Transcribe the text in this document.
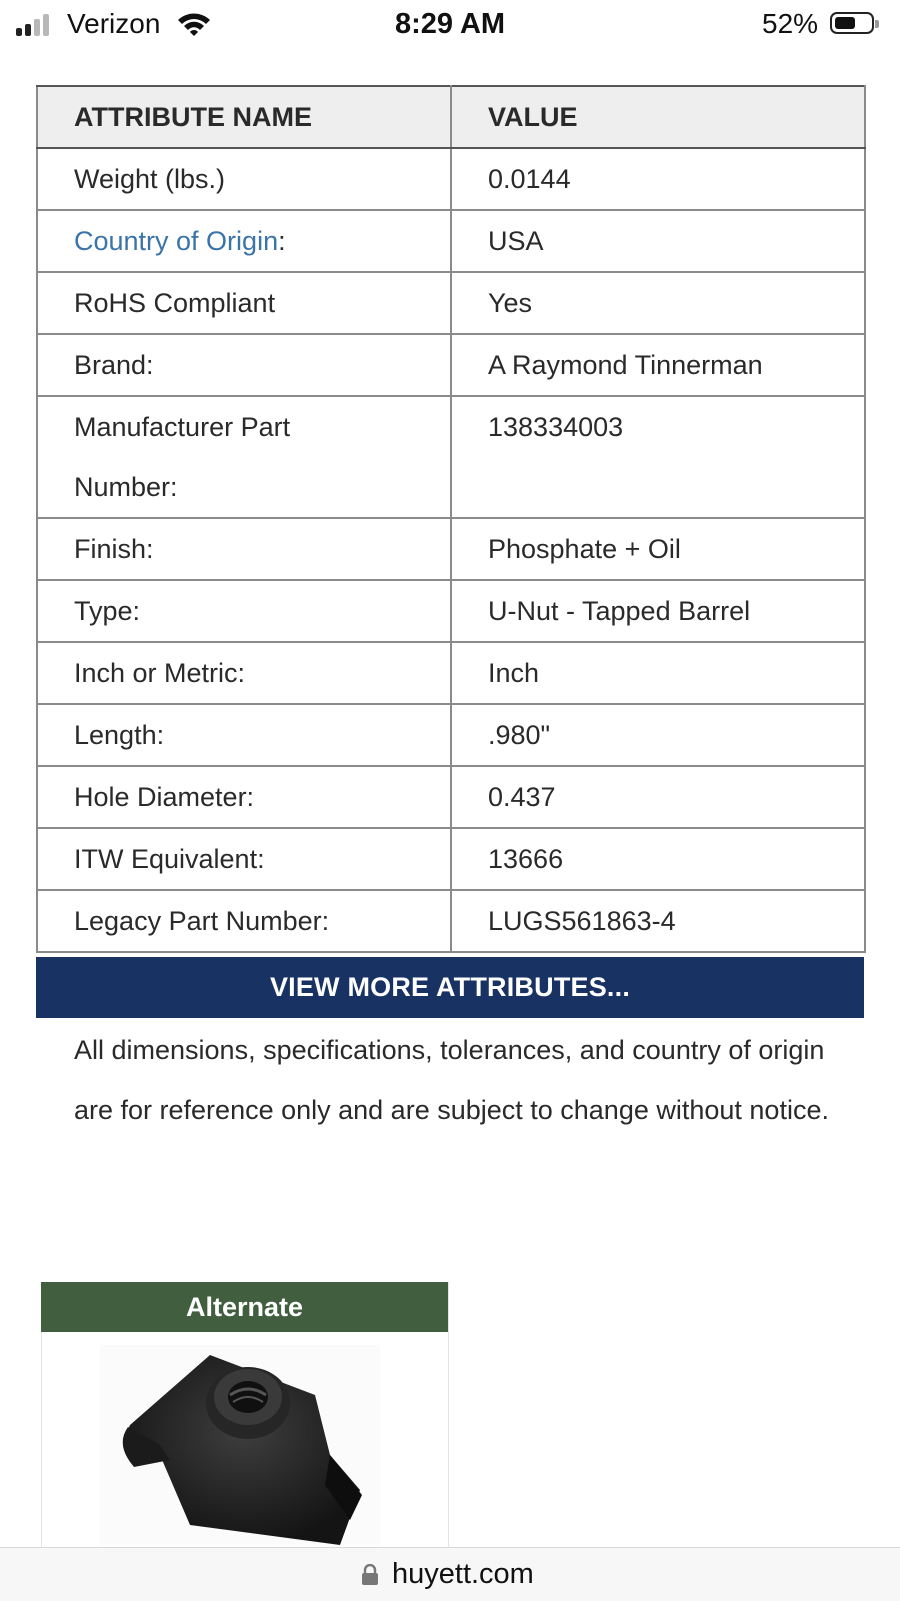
Verizon	8:29 AM	52%
ATTRIBUTE NAME	VALUE
Weight (lbs.)	0.0144
Country of Origin:	USA
RoHS Compliant	Yes
Brand:	A Raymond Tinnerman
Manufacturer Part Number:	138334003
Finish:	Phosphate + Oil
Type:	U-Nut - Tapped Barrel
Inch or Metric:	Inch
Length:	.980"
Hole Diameter:	0.437
ITW Equivalent:	13666
Legacy Part Number:	LUGS561863-4
VIEW MORE ATTRIBUTES...
All dimensions, specifications, tolerances, and country of origin are for reference only and are subject to change without notice.
Alternate
huyett.com
